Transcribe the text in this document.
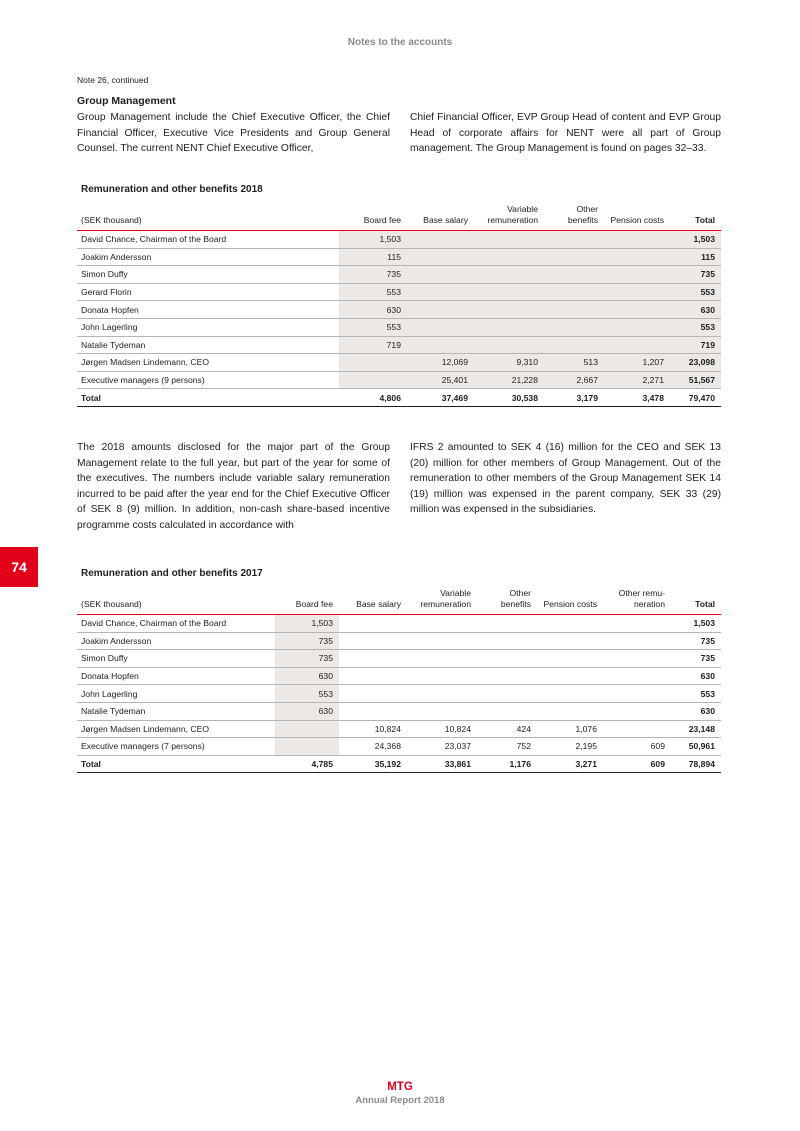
Notes to the accounts
Note 26, continued
Group Management
Group Management include the Chief Executive Officer, the Chief Financial Officer, Executive Vice Presidents and Group General Counsel. The current NENT Chief Executive Officer,
Chief Financial Officer, EVP Group Head of content and EVP Group Head of corporate affairs for NENT were all part of Group management. The Group Management is found on pages 32–33.
Remuneration and other benefits 2018
(SEK thousand)	Board fee	Base salary	Variable remuneration	Other benefits	Pension costs	Total
David Chance, Chairman of the Board	1,503					1,503
Joakim Andersson	115					115
Simon Duffy	735					735
Gerard Florin	553					553
Donata Hopfen	630					630
John Lagerling	553					553
Natalie Tydeman	719					719
Jørgen Madsen Lindemann, CEO		12,069	9,310	513	1,207	23,098
Executive managers (9 persons)		25,401	21,228	2,667	2,271	51,567
Total	4,806	37,469	30,538	3,179	3,478	79,470
The 2018 amounts disclosed for the major part of the Group Management relate to the full year, but part of the year for some of the executives. The numbers include variable salary remuneration incurred to be paid after the year end for the Chief Executive Officer of SEK 8 (9) million. In addition, non-cash share-based incentive programme costs calculated in accordance with
IFRS 2 amounted to SEK 4 (16) million for the CEO and SEK 13 (20) million for other members of Group Management. Out of the remuneration to other members of the Group Management SEK 14 (19) million was expensed in the parent company, SEK 33 (29) million was expensed in the subsidiaries.
74	Remuneration and other benefits 2017
(SEK thousand)	Board fee	Base salary	Variable remuneration	Other benefits	Pension costs	Other remu-neration	Total
David Chance, Chairman of the Board	1,503						1,503
Joakim Andersson	735						735
Simon Duffy	735						735
Donata Hopfen	630						630
John Lagerling	553						553
Natalie Tydeman	630						630
Jørgen Madsen Lindemann, CEO		10,824	10,824	424	1,076		23,148
Executive managers (7 persons)		24,368	23,037	752	2,195	609	50,961
Total	4,785	35,192	33,861	1,176	3,271	609	78,894
MTG
Annual Report 2018
